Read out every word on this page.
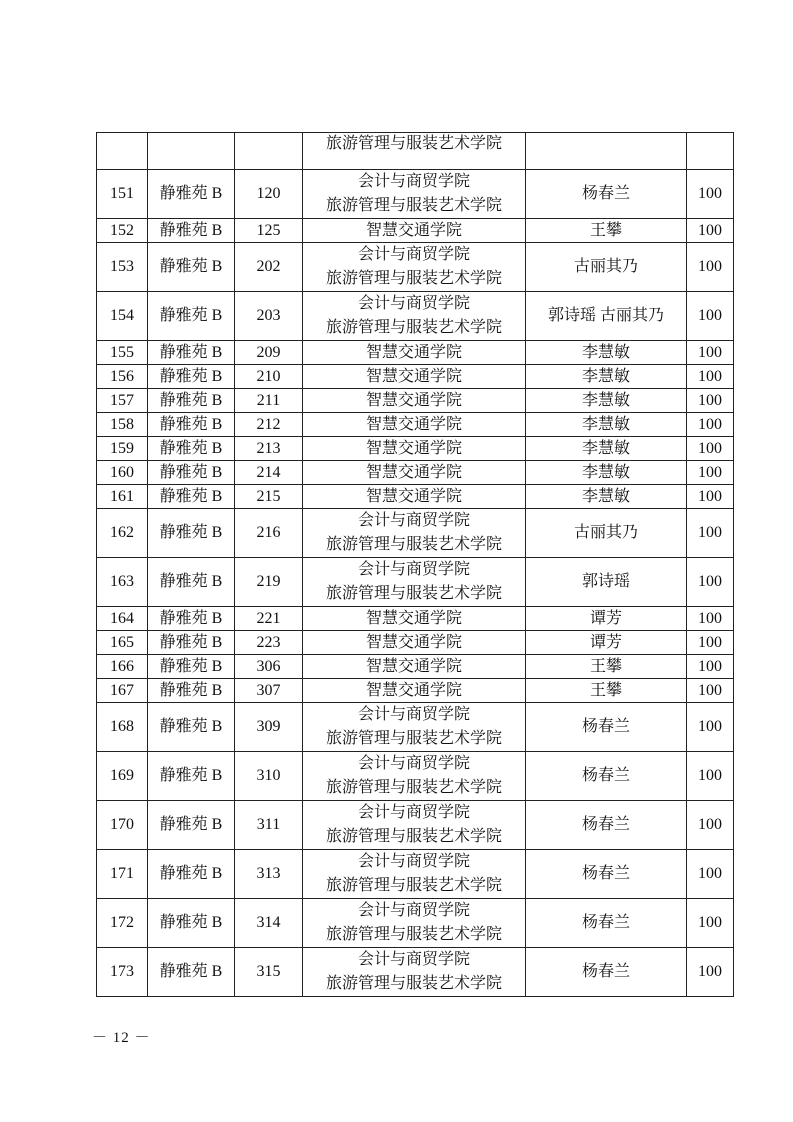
			旅游管理与服装艺术学院		

151	静雅苑 B	120	会计与商贸学院
旅游管理与服装艺术学院	杨春兰	100
152	静雅苑 B	125	智慧交通学院	王攀	100
153	静雅苑 B	202	会计与商贸学院
旅游管理与服装艺术学院	古丽其乃	100
154	静雅苑 B	203	会计与商贸学院
旅游管理与服装艺术学院	郭诗瑶 古丽其乃	100
155	静雅苑 B	209	智慧交通学院	李慧敏	100
156	静雅苑 B	210	智慧交通学院	李慧敏	100
157	静雅苑 B	211	智慧交通学院	李慧敏	100
158	静雅苑 B	212	智慧交通学院	李慧敏	100
159	静雅苑 B	213	智慧交通学院	李慧敏	100
160	静雅苑 B	214	智慧交通学院	李慧敏	100
161	静雅苑 B	215	智慧交通学院	李慧敏	100
162	静雅苑 B	216	会计与商贸学院
旅游管理与服装艺术学院	古丽其乃	100
163	静雅苑 B	219	会计与商贸学院
旅游管理与服装艺术学院	郭诗瑶	100
164	静雅苑 B	221	智慧交通学院	谭芳	100
165	静雅苑 B	223	智慧交通学院	谭芳	100
166	静雅苑 B	306	智慧交通学院	王攀	100
167	静雅苑 B	307	智慧交通学院	王攀	100
168	静雅苑 B	309	会计与商贸学院
旅游管理与服装艺术学院	杨春兰	100
169	静雅苑 B	310	会计与商贸学院
旅游管理与服装艺术学院	杨春兰	100
170	静雅苑 B	311	会计与商贸学院
旅游管理与服装艺术学院	杨春兰	100
171	静雅苑 B	313	会计与商贸学院
旅游管理与服装艺术学院	杨春兰	100
172	静雅苑 B	314	会计与商贸学院
旅游管理与服装艺术学院	杨春兰	100
173	静雅苑 B	315	会计与商贸学院
旅游管理与服装艺术学院	杨春兰	100
－ 12 －
